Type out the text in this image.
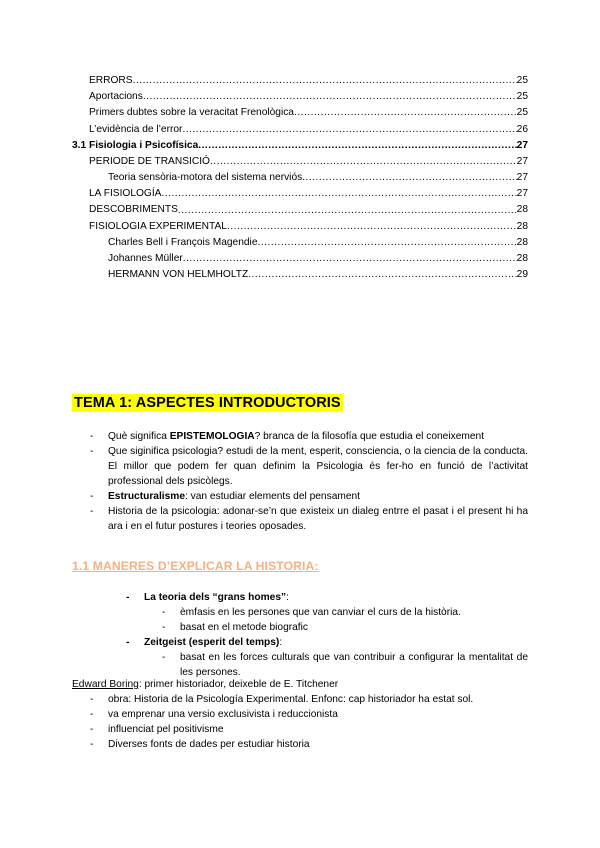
ERRORS .....	25
Aportacions .....	25
Primers dubtes sobre la veracitat Frenològica .....	25
L’evidència de l’error .....	26
3.1 Fisiologia i Psicofísica .....	27
PERIODE DE TRANSICIÓ .....	27
Teoria sensòria-motora del sistema nerviós .....	27
LA FISIOLOGÍA .....	27
DESCOBRIMENTS .....	28
FISIOLOGIA EXPERIMENTAL .....	28
Charles Bell i François Magendie .....	28
Johannes Müller .....	28
HERMANN VON HELMHOLTZ .....	29
TEMA 1: ASPECTES INTRODUCTORIS
- Què significa EPISTEMOLOGIA? branca de la filosofía que estudia el coneixement
- Que siginifica psicologia? estudi de la ment, esperit, consciencia, o la ciencia de la conducta. El millor que podem fer quan definim la Psicologia és fer-ho en funció de l’activitat professional dels psicòlegs.
- Estructuralisme: van estudiar elements del pensament
- Historia de la psicologia: adonar-se’n que existeix un dialeg entrre el pasat i el present hi ha ara i en el futur postures i teories oposades.
1.1 MANERES D’EXPLICAR LA HISTORIA:
- La teoria dels “grans homes”:
- èmfasis en les persones que van canviar el curs de la història.
- basat en el metode biografic
- Zeitgeist (esperit del temps):
- basat en les forces culturals que van contribuir a configurar la mentalitat de les persones.
Edward Boring: primer historiador, deixeble de E. Titchener
- obra: Historia de la Psicología Experimental. Enfonc: cap historiador ha estat sol.
- va emprenar una versio exclusivista i reduccionista
- influenciat pel positivisme
- Diverses fonts de dades per estudiar historia
